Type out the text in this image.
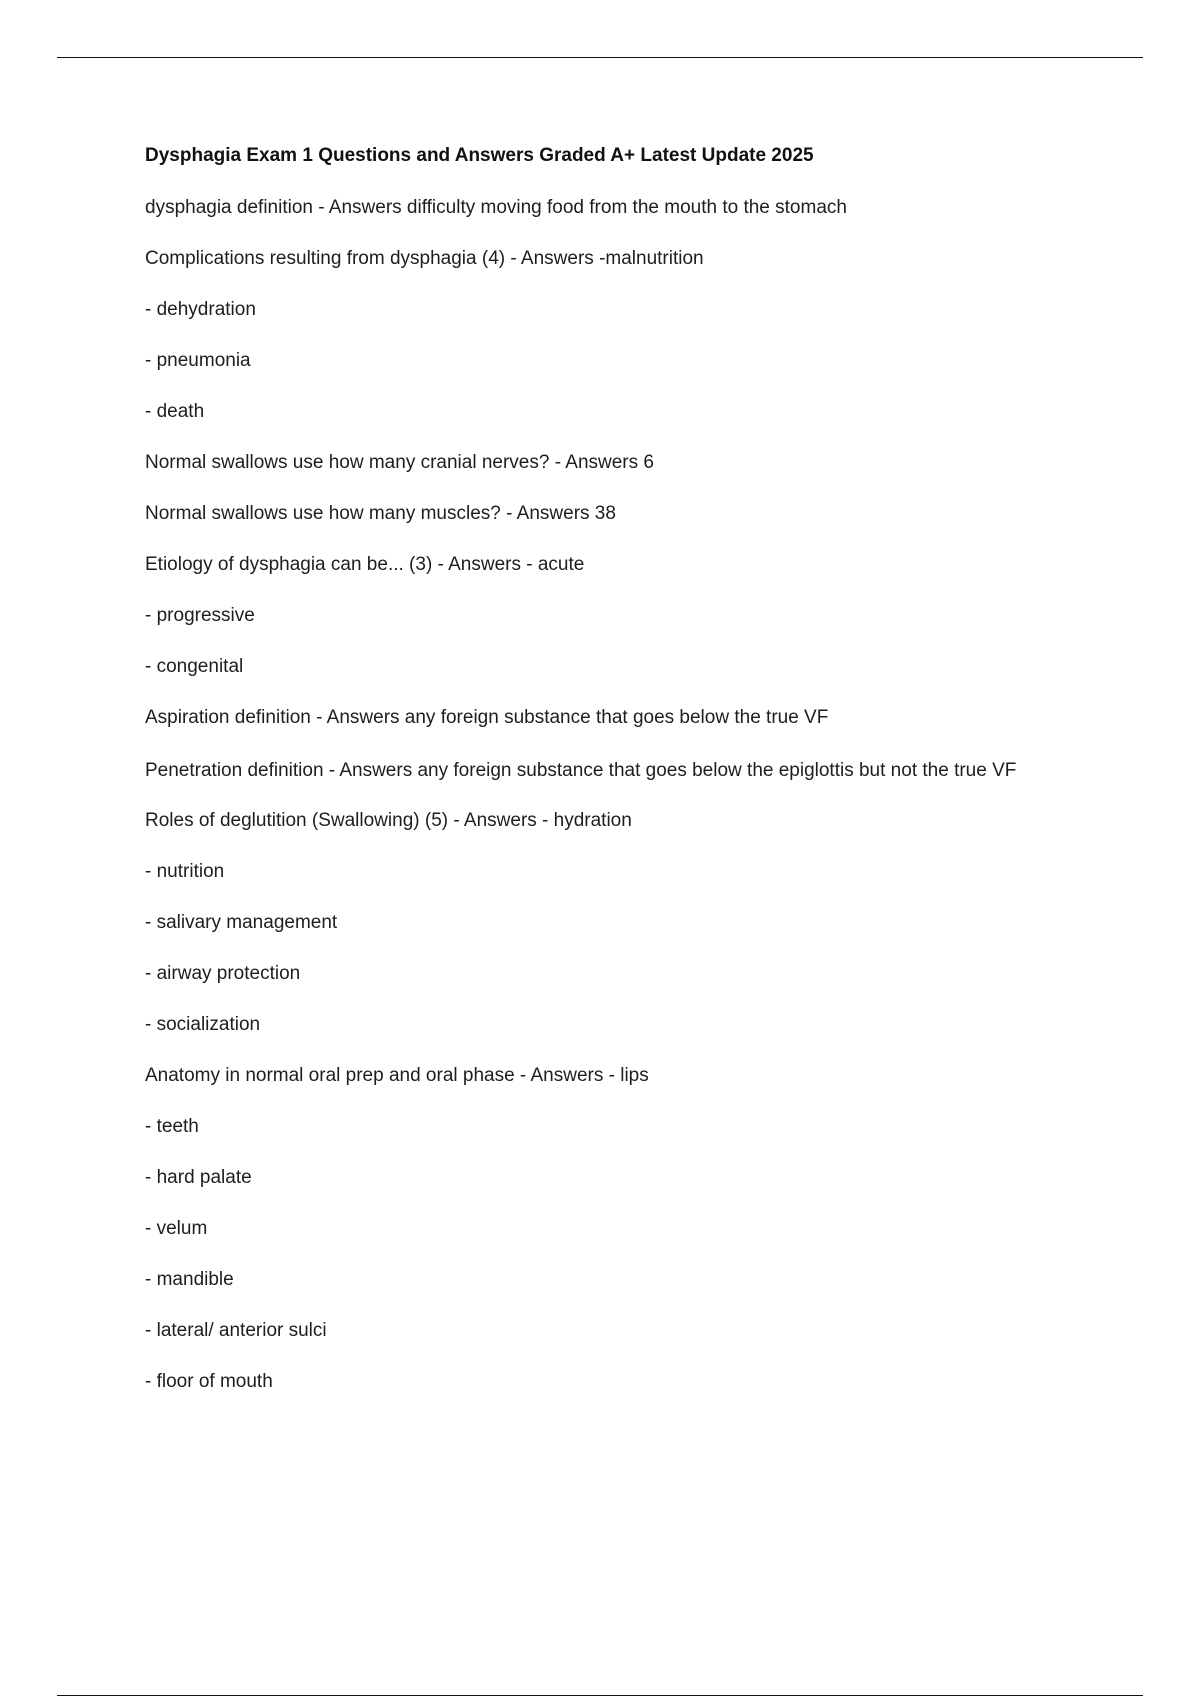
Dysphagia Exam 1 Questions and Answers Graded A+ Latest Update 2025
dysphagia definition - Answers difficulty moving food from the mouth to the stomach
Complications resulting from dysphagia (4) - Answers -malnutrition
- dehydration
- pneumonia
- death
Normal swallows use how many cranial nerves? - Answers 6
Normal swallows use how many muscles? - Answers 38
Etiology of dysphagia can be... (3) - Answers - acute
- progressive
- congenital
Aspiration definition - Answers any foreign substance that goes below the true VF
Penetration definition - Answers any foreign substance that goes below the epiglottis but not the true VF
Roles of deglutition (Swallowing) (5) - Answers - hydration
- nutrition
- salivary management
- airway protection
- socialization
Anatomy in normal oral prep and oral phase - Answers - lips
- teeth
- hard palate
- velum
- mandible
- lateral/ anterior sulci
- floor of mouth
